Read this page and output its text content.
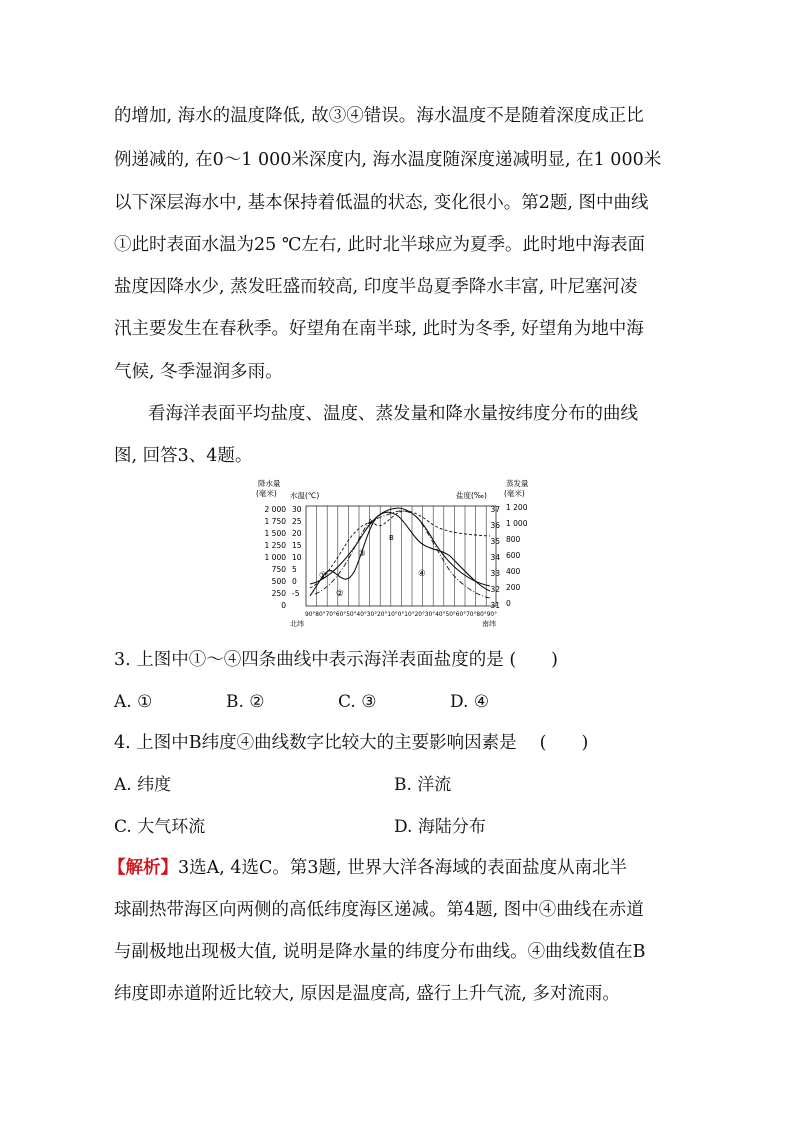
的增加, 海水的温度降低, 故③④错误。海水温度不是随着深度成正比
例递减的, 在0～1 000米深度内, 海水温度随深度递减明显, 在1 000米
以下深层海水中, 基本保持着低温的状态, 变化很小。第2题, 图中曲线
①此时表面水温为25 ℃左右, 此时北半球应为夏季。此时地中海表面
盐度因降水少, 蒸发旺盛而较高, 印度半岛夏季降水丰富, 叶尼塞河凌
汛主要发生在春秋季。好望角在南半球, 此时为冬季, 好望角为地中海
气候, 冬季湿润多雨。
看海洋表面平均盐度、温度、蒸发量和降水量按纬度分布的曲线
图, 回答3、4题。
降水量
(毫米)
2 000
1 750
1 500
1 250
1 000
750
500
250
0
水温(℃)
30
25
20
15
10
5
0
-5
盐度(‰)
37
36
35
34
33
32
31
蒸发量
(毫米)
1 200
1 000
800
600
400
200
0
①
②
③
④
A
B
90°80°70°60°50°40°30°20°10°0°10°20°30°40°50°60°70°80°90°
北纬	南纬
3. 上图中①～④四条曲线中表示海洋表面盐度的是 (　　)
A. ①	B. ②	C. ③	D. ④
4. 上图中B纬度④曲线数字比较大的主要影响因素是 　(　　)
A. 纬度	B. 洋流
C. 大气环流	D. 海陆分布
【解析】3选A, 4选C。第3题, 世界大洋各海域的表面盐度从南北半
球副热带海区向两侧的高低纬度海区递减。第4题, 图中④曲线在赤道
与副极地出现极大值, 说明是降水量的纬度分布曲线。④曲线数值在B
纬度即赤道附近比较大, 原因是温度高, 盛行上升气流, 多对流雨。
